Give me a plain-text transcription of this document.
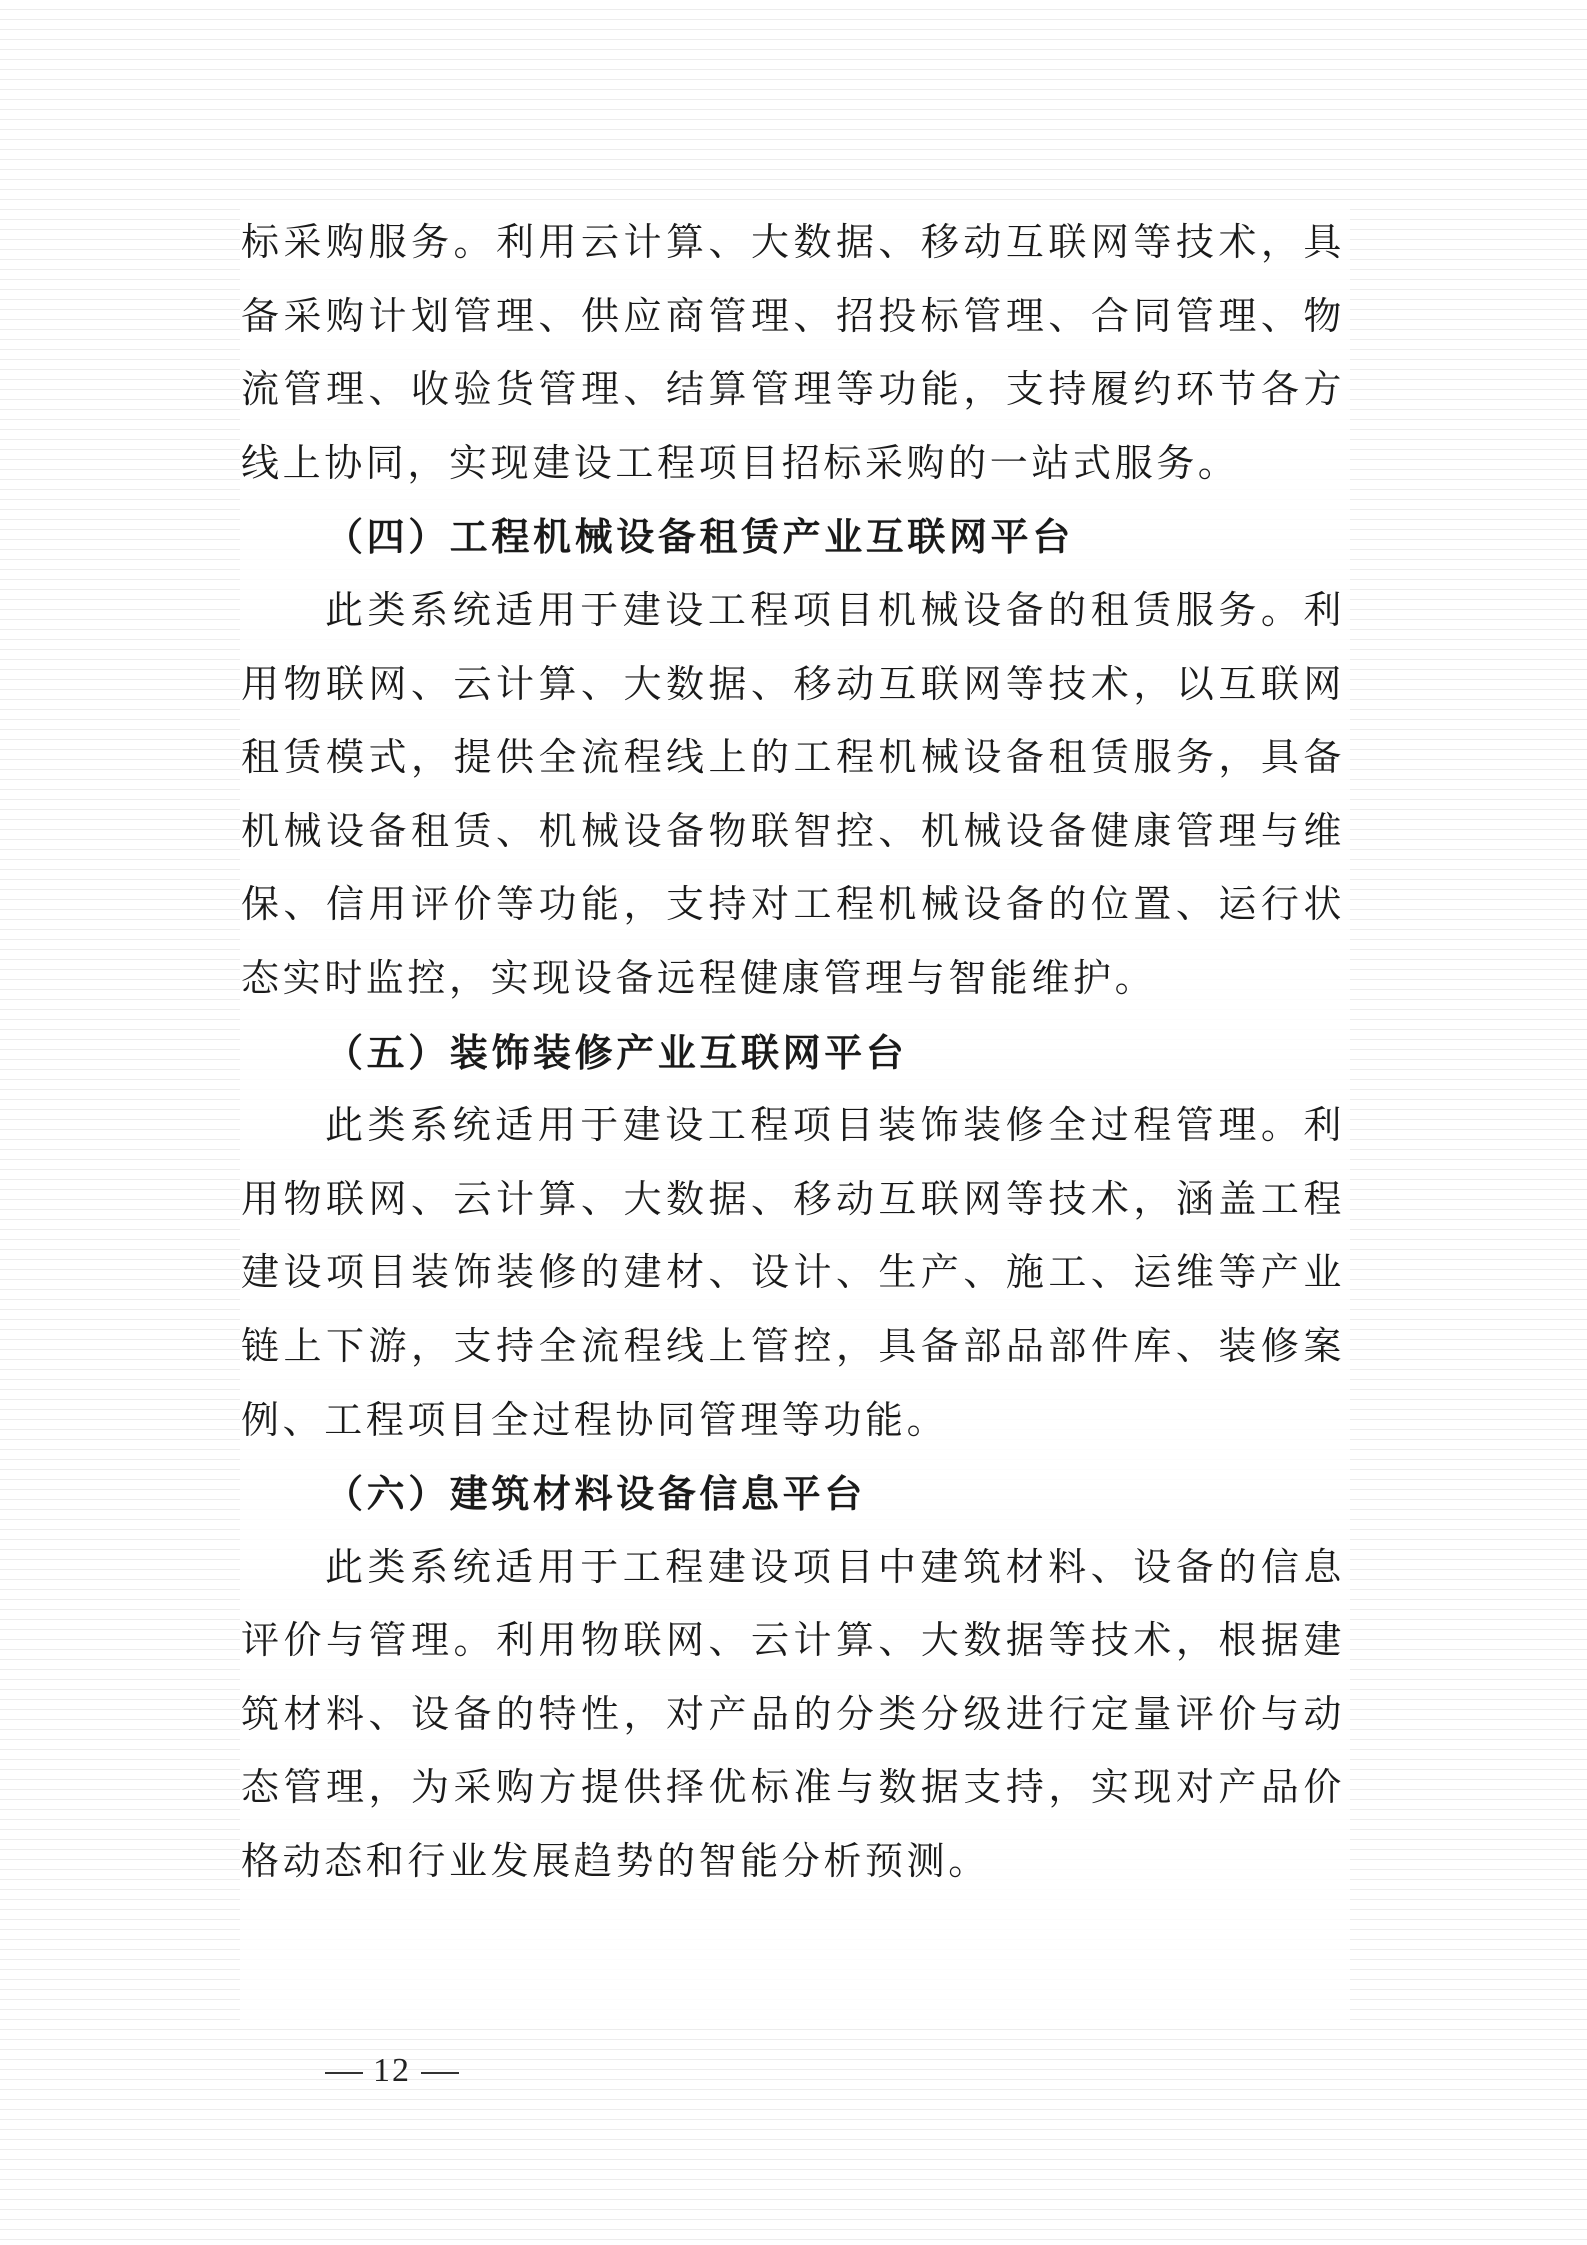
标采购服务。利用云计算、大数据、移动互联网等技术，具备采购计划管理、供应商管理、招投标管理、合同管理、物流管理、收验货管理、结算管理等功能，支持履约环节各方线上协同，实现建设工程项目招标采购的一站式服务。

（四）工程机械设备租赁产业互联网平台

此类系统适用于建设工程项目机械设备的租赁服务。利用物联网、云计算、大数据、移动互联网等技术，以互联网租赁模式，提供全流程线上的工程机械设备租赁服务，具备机械设备租赁、机械设备物联智控、机械设备健康管理与维保、信用评价等功能，支持对工程机械设备的位置、运行状态实时监控，实现设备远程健康管理与智能维护。

（五）装饰装修产业互联网平台

此类系统适用于建设工程项目装饰装修全过程管理。利用物联网、云计算、大数据、移动互联网等技术，涵盖工程建设项目装饰装修的建材、设计、生产、施工、运维等产业链上下游，支持全流程线上管控，具备部品部件库、装修案例、工程项目全过程协同管理等功能。

（六）建筑材料设备信息平台

此类系统适用于工程建设项目中建筑材料、设备的信息评价与管理。利用物联网、云计算、大数据等技术，根据建筑材料、设备的特性，对产品的分类分级进行定量评价与动态管理，为采购方提供择优标准与数据支持，实现对产品价格动态和行业发展趋势的智能分析预测。

12
